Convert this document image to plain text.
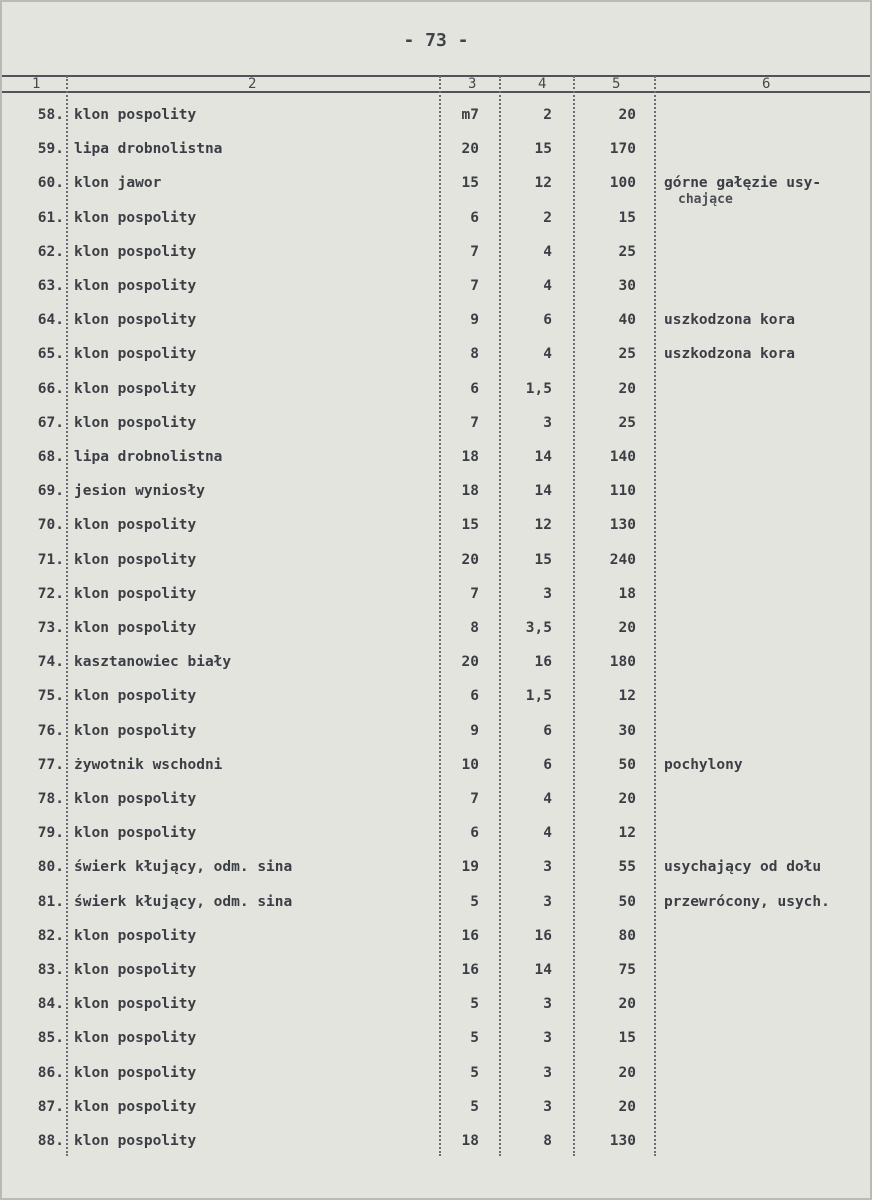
- 73 -
1	2	3	4	5	6
58. klon pospolity	m7	2	20
59. lipa drobnolistna	20	15	170
60. klon jawor	15	12	100 górne gałęzie usy-
chające
61. klon pospolity	6	2	15
62. klon pospolity	7	4	25
63. klon pospolity	7	4	30
64. klon pospolity	9	6	40 uszkodzona kora
65. klon pospolity	8	4	25 uszkodzona kora
66. klon pospolity	6	1,5	20
67. klon pospolity	7	3	25
68. lipa drobnolistna	18	14	140
69. jesion wyniosły	18	14	110
70. klon pospolity	15	12	130
71. klon pospolity	20	15	240
72. klon pospolity	7	3	18
73. klon pospolity	8	3,5	20
74. kasztanowiec biały	20	16	180
75. klon pospolity	6	1,5	12
76. klon pospolity	9	6	30
77. żywotnik wschodni	10	6	50 pochylony
78. klon pospolity	7	4	20
79. klon pospolity	6	4	12
80. świerk kłujący, odm. sina	19	3	55 usychający od dołu
81. świerk kłujący, odm. sina	5	3	50 przewrócony, usych.
82. klon pospolity	16	16	80
83. klon pospolity	16	14	75
84. klon pospolity	5	3	20
85. klon pospolity	5	3	15
86. klon pospolity	5	3	20
87. klon pospolity	5	3	20
88. klon pospolity	18	8	130
